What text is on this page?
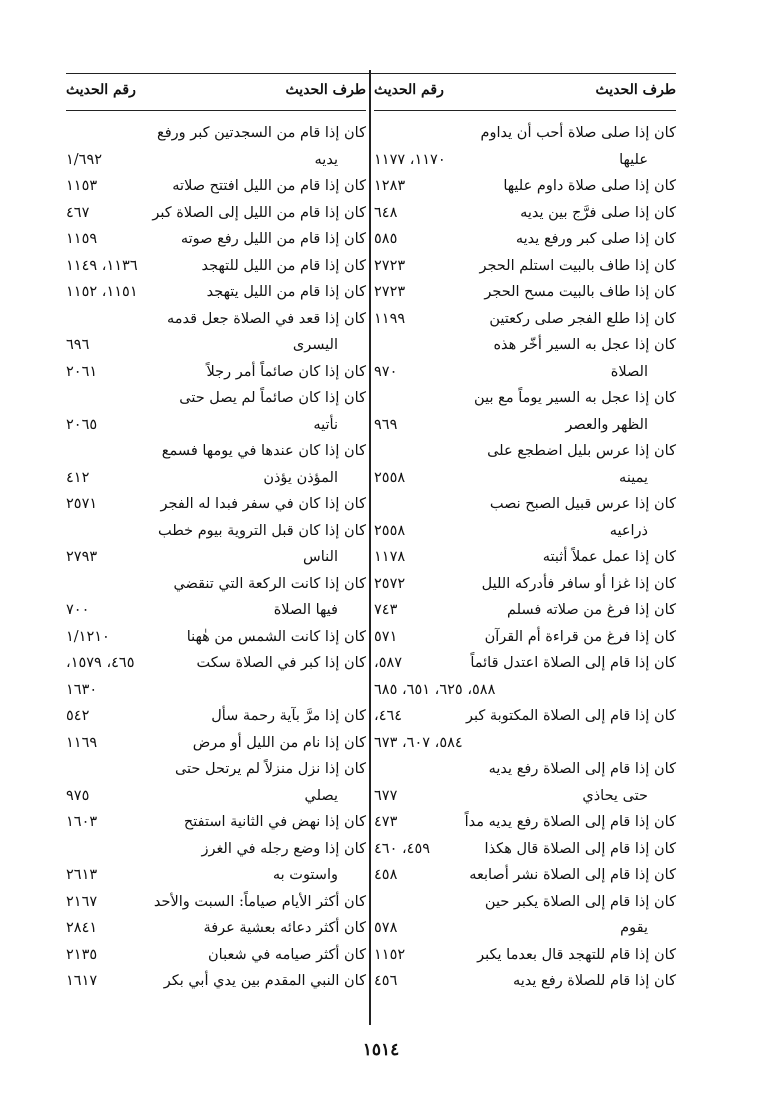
طرف الحديث
رقم الحديث
طرف الحديث
رقم الحديث
كان إذا صلى صلاة أحب أن يداوم
عليها
١١٧٠، ١١٧٧
كان إذا صلى صلاة داوم عليها
١٢٨٣
كان إذا صلى فرَّج بين يديه
٦٤٨
كان إذا صلى كبر ورفع يديه
٥٨٥
كان إذا طاف بالبيت استلم الحجر
٢٧٢٣
كان إذا طاف بالبيت مسح الحجر
٢٧٢٣
كان إذا طلع الفجر صلى ركعتين
١١٩٩
كان إذا عجل به السير أخّر هذه
الصلاة
٩٧٠
كان إذا عجل به السير يوماً مع بين
الظهر والعصر
٩٦٩
كان إذا عرس بليل اضطجع على
يمينه
٢٥٥٨
كان إذا عرس قبيل الصبح نصب
ذراعيه
٢٥٥٨
كان إذا عمل عملاً أثبته
١١٧٨
كان إذا غزا أو سافر فأدركه الليل
٢٥٧٢
كان إذا فرغ من صلاته فسلم
٧٤٣
كان إذا فرغ من قراءة أم القرآن
٥٧١
كان إذا قام إلى الصلاة اعتدل قائماً
٥٨٧،
٥٨٨، ٦٢٥، ٦٥١، ٦٨٥
كان إذا قام إلى الصلاة المكتوبة كبر
٤٦٤،
٥٨٤، ٦٠٧، ٦٧٣
كان إذا قام إلى الصلاة رفع يديه
حتى يحاذي
٦٧٧
كان إذا قام إلى الصلاة رفع يديه مداً
٤٧٣
كان إذا قام إلى الصلاة قال هكذا
٤٥٩، ٤٦٠
كان إذا قام إلى الصلاة نشر أصابعه
٤٥٨
كان إذا قام إلى الصلاة يكبر حين
يقوم
٥٧٨
كان إذا قام للتهجد قال بعدما يكبر
١١٥٢
كان إذا قام للصلاة رفع يديه
٤٥٦
كان إذا قام من السجدتين كبر ورفع
يديه
١/٦٩٢
كان إذا قام من الليل افتتح صلاته
١١٥٣
كان إذا قام من الليل إلى الصلاة كبر
٤٦٧
كان إذا قام من الليل رفع صوته
١١٥٩
كان إذا قام من الليل للتهجد
١١٣٦، ١١٤٩
كان إذا قام من الليل يتهجد
١١٥١، ١١٥٢
كان إذا قعد في الصلاة جعل قدمه
اليسرى
٦٩٦
كان إذا كان صائماً أمر رجلاً
٢٠٦١
كان إذا كان صائماً لم يصل حتى
نأتيه
٢٠٦٥
كان إذا كان عندها في يومها فسمع
المؤذن يؤذن
٤١٢
كان إذا كان في سفر فبدا له الفجر
٢٥٧١
كان إذا كان قبل التروية بيوم خطب
الناس
٢٧٩٣
كان إذا كانت الركعة التي تنقضي
فيها الصلاة
٧٠٠
كان إذا كانت الشمس من هٰهنا
١/١٢١٠
كان إذا كبر في الصلاة سكت
٤٦٥، ١٥٧٩،
١٦٣٠
كان إذا مرَّ بآية رحمة سأل
٥٤٢
كان إذا نام من الليل أو مرض
١١٦٩
كان إذا نزل منزلاً لم يرتحل حتى
يصلي
٩٧٥
كان إذا نهض في الثانية استفتح
١٦٠٣
كان إذا وضع رجله في الغرز
واستوت به
٢٦١٣
كان أكثر الأيام صياماً: السبت والأحد
٢١٦٧
كان أكثر دعائه بعشية عرفة
٢٨٤١
كان أكثر صيامه في شعبان
٢١٣٥
كان النبي المقدم بين يدي أبي بكر
١٦١٧
١٥١٤
